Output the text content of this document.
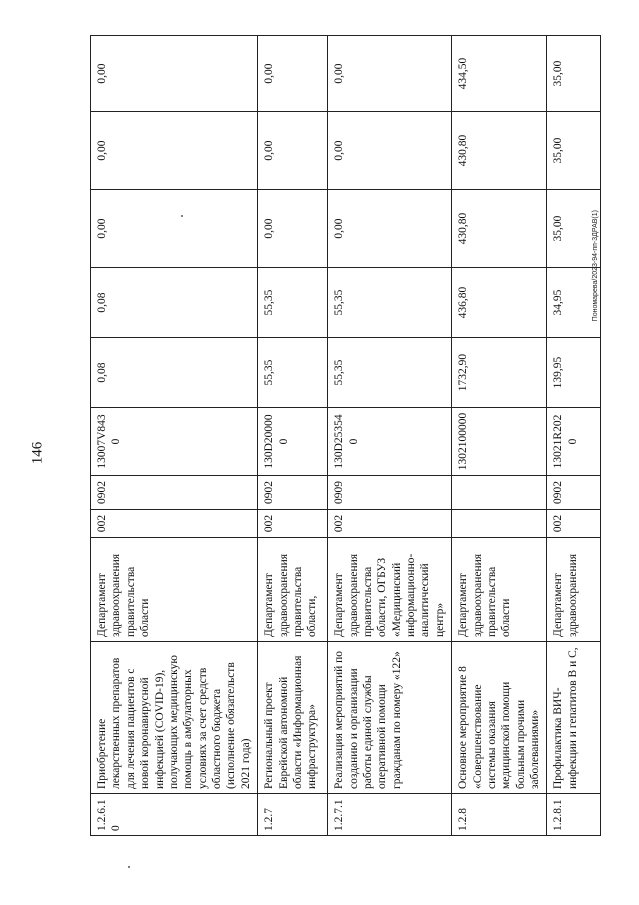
146
Пономарева/2023-94-пп-3ДРАВ(1)
1.2.6.10	Приобретение лекарственных препаратов для лечения пациентов с новой коронавирусной инфекцией (COVID-19), получающих медицинскую помощь в амбулаторных условиях за счет средств областного бюджета (исполнение обязательств 2021 года)	Департамент здравоохранения правительства области	002	0902	13007V8430	0,08	0,08	0,00	0,00	0,00
1.2.7	Региональный проект Еврейской автономной области «Информационная инфраструктура»	Департамент здравоохранения правительства области,	002	0902	130D200000	55,35	55,35	0,00	0,00	0,00
1.2.7.1	Реализация мероприятий по созданию и организации работы единой службы оперативной помощи гражданам по номеру «122»	Департамент здравоохранения правительства области, ОГБУЗ «Медицинский информационно-аналитический центр»	002	0909	130D253540	55,35	55,35	0,00	0,00	0,00
1.2.8	Основное мероприятие 8 «Совершенствование системы оказания медицинской помощи больным прочими заболеваниями»	Департамент здравоохранения правительства области			1302100000	1732,90	436,80	430,80	430,80	434,50
1.2.8.1	Профилактика ВИЧ-инфекции и гепатитов В и С,	Департамент здравоохранения	002	0902	13021R2020	139,95	34,95	35,00	35,00	35,00
